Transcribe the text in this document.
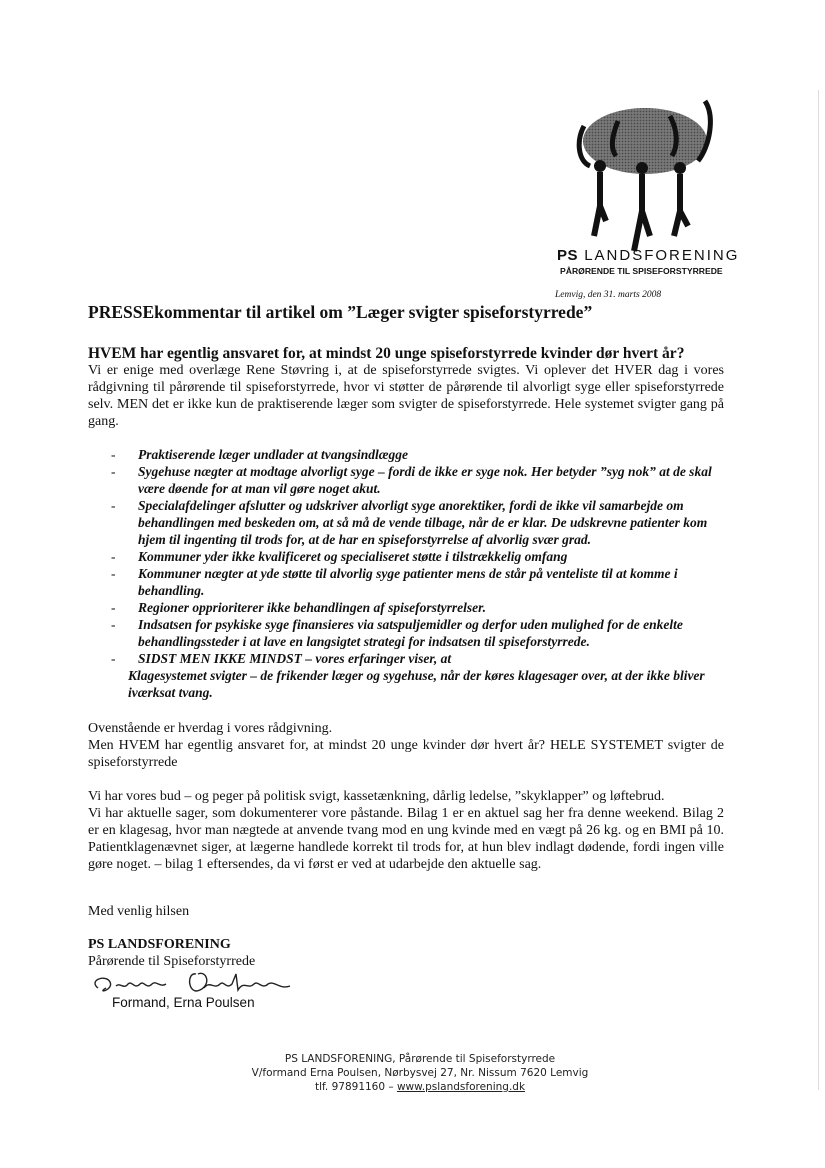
PS LANDSFORENING
PÅRØRENDE TIL SPISEFORSTYRREDE
Lemvig, den 31. marts 2008
PRESSEkommentar til artikel om ”Læger svigter spiseforstyrrede”
HVEM har egentlig ansvaret for, at mindst 20 unge spiseforstyrrede kvinder dør hvert år?
Vi er enige med overlæge Rene Støvring i, at de spiseforstyrrede svigtes. Vi oplever det HVER dag i vores rådgivning til pårørende til spiseforstyrrede, hvor vi støtter de pårørende til alvorligt syge eller spiseforstyrrede selv. MEN det er ikke kun de praktiserende læger som svigter de spiseforstyrrede. Hele systemet svigter gang på gang.
- Praktiserende læger undlader at tvangsindlægge
- Sygehuse nægter at modtage alvorligt syge – fordi de ikke er syge nok. Her betyder ”syg nok” at de skal være døende for at man vil gøre noget akut.
- Specialafdelinger afslutter og udskriver alvorligt syge anorektiker, fordi de ikke vil samarbejde om behandlingen med beskeden om, at så må de vende tilbage, når de er klar. De udskrevne patienter kom hjem til ingenting til trods for, at de har en spiseforstyrrelse af alvorlig svær grad.
- Kommuner yder ikke kvalificeret og specialiseret støtte i tilstrækkelig omfang
- Kommuner nægter at yde støtte til alvorlig syge patienter mens de står på venteliste til at komme i behandling.
- Regioner opprioriterer ikke behandlingen af spiseforstyrrelser.
- Indsatsen for psykiske syge finansieres via satspuljemidler og derfor uden mulighed for de enkelte behandlingssteder i at lave en langsigtet strategi for indsatsen til spiseforstyrrede.
- SIDST MEN IKKE MINDST – vores erfaringer viser, at
Klagesystemet svigter – de frikender læger og sygehuse, når der køres klagesager over, at der ikke bliver iværksat tvang.
Ovenstående er hverdag i vores rådgivning.
Men HVEM har egentlig ansvaret for, at mindst 20 unge kvinder dør hvert år? HELE SYSTEMET svigter de spiseforstyrrede
Vi har vores bud – og peger på politisk svigt, kassetænkning, dårlig ledelse, ”skyklapper” og løftebrud.
Vi har aktuelle sager, som dokumenterer vore påstande. Bilag 1 er en aktuel sag her fra denne weekend. Bilag 2 er en klagesag, hvor man nægtede at anvende tvang mod en ung kvinde med en vægt på 26 kg. og en BMI på 10. Patientklagenævnet siger, at lægerne handlede korrekt til trods for, at hun blev indlagt dødende, fordi ingen ville gøre noget. – bilag 1 eftersendes, da vi først er ved at udarbejde den aktuelle sag.
Med venlig hilsen
PS LANDSFORENING
Pårørende til Spiseforstyrrede
Formand, Erna Poulsen
PS LANDSFORENING, Pårørende til Spiseforstyrrede
V/formand Erna Poulsen, Nørbysvej 27, Nr. Nissum 7620 Lemvig
tlf. 97891160 – www.pslandsforening.dk
